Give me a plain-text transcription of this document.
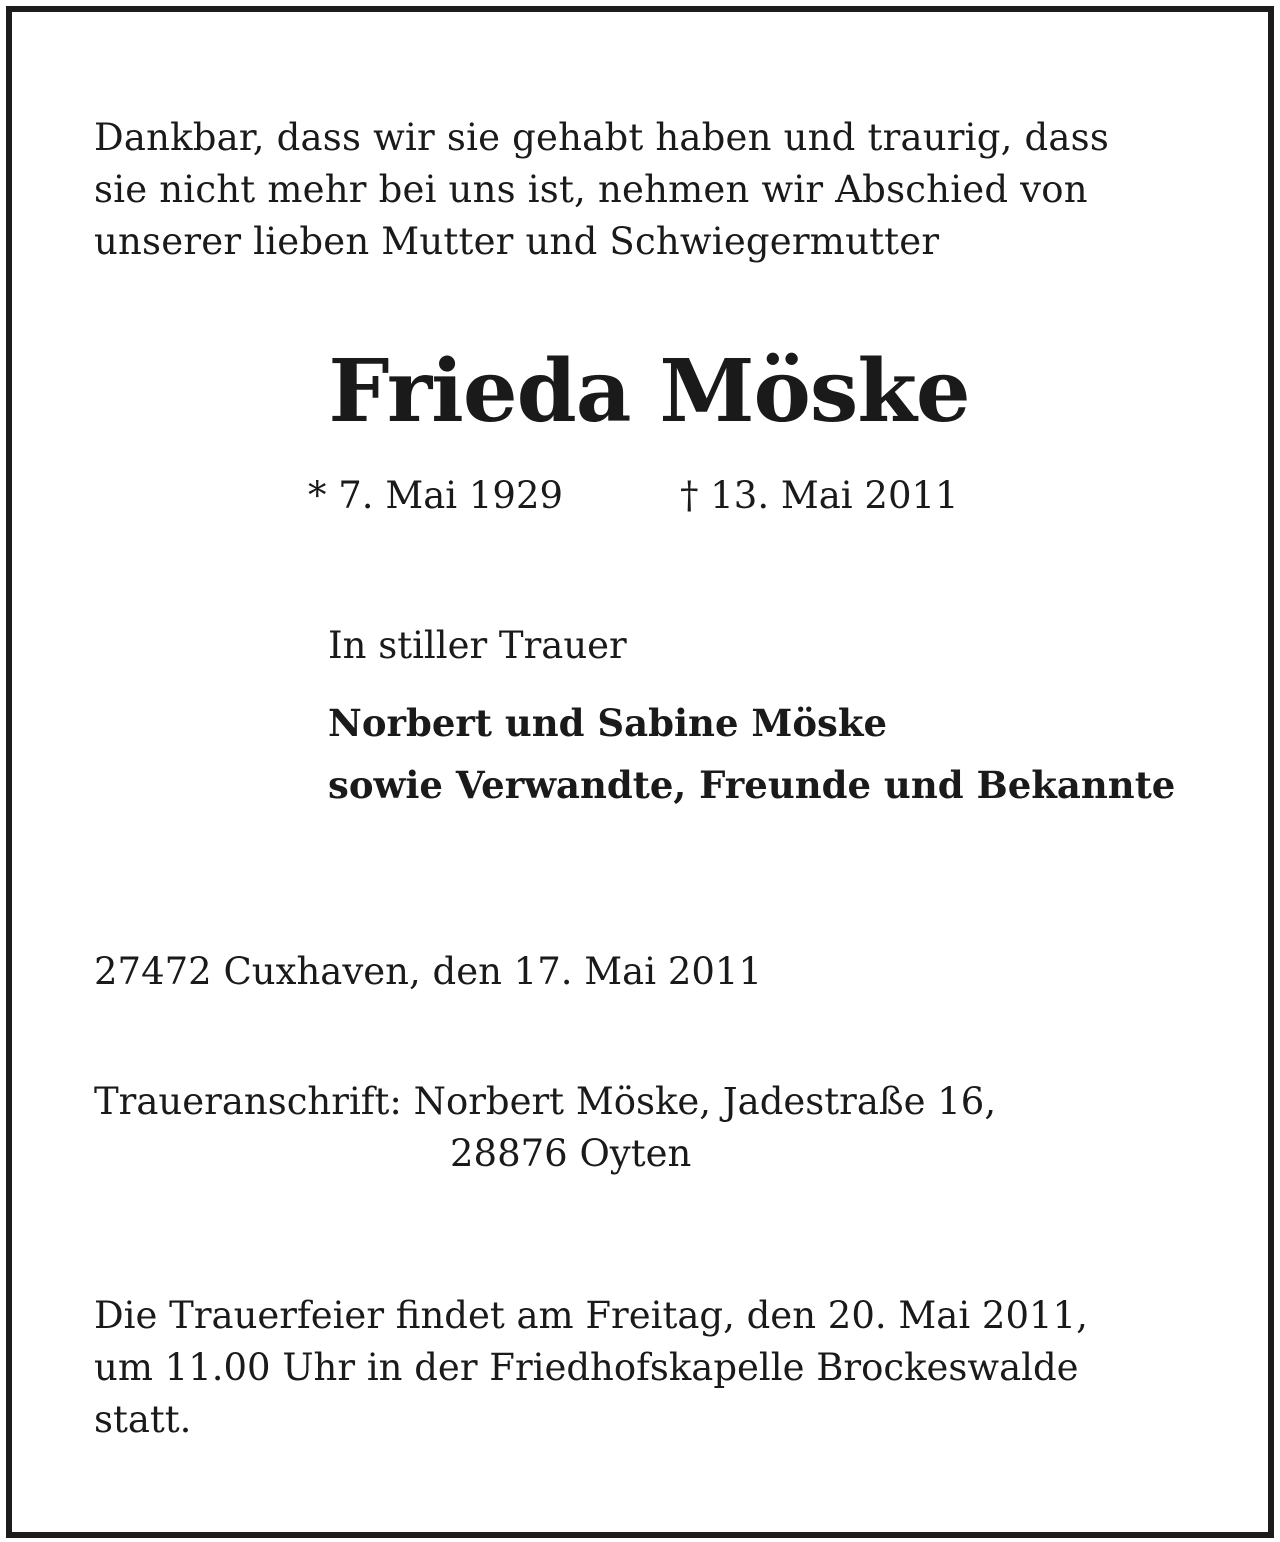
Dankbar, dass wir sie gehabt haben und traurig, dass
sie nicht mehr bei uns ist, nehmen wir Abschied von
unserer lieben Mutter und Schwiegermutter
Frieda Möske
* 7. Mai 1929	† 13. Mai 2011
In stiller Trauer
Norbert und Sabine Möske
sowie Verwandte, Freunde und Bekannte
27472 Cuxhaven, den 17. Mai 2011
Traueranschrift: Norbert Möske, Jadestraße 16,
28876 Oyten
Die Trauerfeier findet am Freitag, den 20. Mai 2011,
um 11.00 Uhr in der Friedhofskapelle Brockeswalde
statt.
